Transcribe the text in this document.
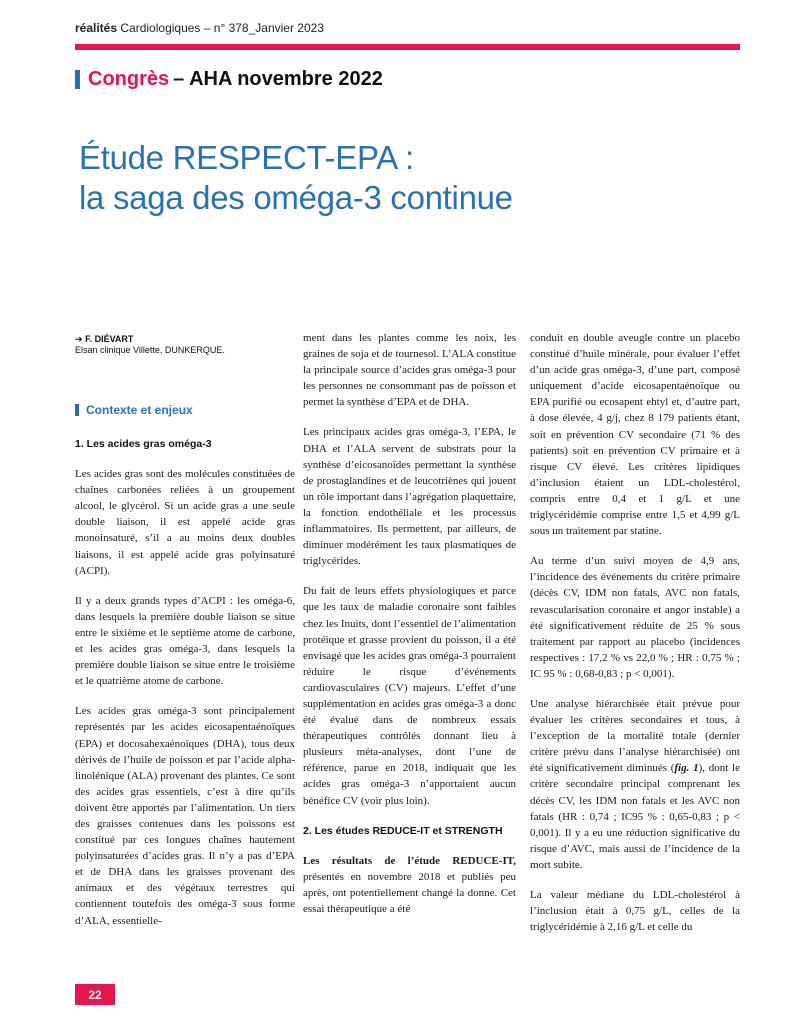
réalités Cardiologiques – n° 378_Janvier 2023
Congrès – AHA novembre 2022
Étude RESPECT-EPA :
la saga des oméga-3 continue
➔ F. DIÉVART
Elsan clinique Villette, DUNKERQUE.
Contexte et enjeux
1. Les acides gras oméga-3

Les acides gras sont des molécules constituées de chaînes carbonées reliées à un groupement alcool, le glycérol. Si un acide gras a une seule double liaison, il est appelé acide gras monoinsaturé, s’il a au moins deux doubles liaisons, il est appelé acide gras polyinsaturé (ACPI).

Il y a deux grands types d’ACPI : les oméga-6, dans lesquels la première double liaison se situe entre le sixième et le septième atome de carbone, et les acides gras oméga-3, dans lesquels la première double liaison se situe entre le troisième et le quatrième atome de carbone.

Les acides gras oméga-3 sont principalement représentés par les acides eicosapentaénoïques (EPA) et docosahexaénoïques (DHA), tous deux dérivés de l’huile de poisson et par l’acide alpha-linolénique (ALA) provenant des plantes. Ce sont des acides gras essentiels, c’est à dire qu’ils doivent être apportés par l’alimentation. Un tiers des graisses contenues dans les poissons est constitué par ces longues chaînes hautement polyinsaturées d’acides gras. Il n’y a pas d’EPA et de DHA dans les graisses provenant des animaux et des végétaux terrestres qui contiennent toutefois des oméga-3 sous forme d’ALA, essentielle-

ment dans les plantes comme les noix, les graines de soja et de tournesol. L’ALA constitue la principale source d’acides gras oméga-3 pour les personnes ne consommant pas de poisson et permet la synthèse d’EPA et de DHA.

Les principaux acides gras oméga-3, l’EPA, le DHA et l’ALA servent de substrats pour la synthèse d’eicosanoïdes permettant la synthèse de prostaglandines et de leucotriènes qui jouent un rôle important dans l’agrégation plaquettaire, la fonction endothéliale et les processus inflammatoires. Ils permettent, par ailleurs, de diminuer modérément les taux plasmatiques de triglycérides.

Du fait de leurs effets physiologiques et parce que les taux de maladie coronaire sont faibles chez les Inuits, dont l’essentiel de l’alimentation protéique et grasse provient du poisson, il a été envisagé que les acides gras oméga-3 pourraient réduire le risque d’événements cardiovasculaires (CV) majeurs. L’effet d’une supplémentation en acides gras oméga-3 a donc été évalué dans de nombreux essais thérapeutiques contrôlés donnant lieu à plusieurs méta-analyses, dont l’une de référence, parue en 2018, indiquait que les acides gras oméga-3 n’apportaient aucun bénéfice CV (voir plus loin).

2. Les études REDUCE-IT et STRENGTH

Les résultats de l’étude REDUCE-IT, présentés en novembre 2018 et publiés peu après, ont potentiellement changé la donne. Cet essai thérapeutique a été

conduit en double aveugle contre un placebo constitué d’huile minérale, pour évaluer l’effet d’un acide gras oméga-3, d’une part, composé uniquement d’acide eicosapentaénoïque ou EPA purifié ou ecosapent ehtyl et, d’autre part, à dose élevée, 4 g/j, chez 8 179 patients étant, soit en prévention CV secondaire (71 % des patients) soit en prévention CV primaire et à risque CV élevé. Les critères lipidiques d’inclusion étaient un LDL-cholestérol, compris entre 0,4 et 1 g/L et une triglycéridémie comprise entre 1,5 et 4,99 g/L sous un traitement par statine.

Au terme d’un suivi moyen de 4,9 ans, l’incidence des événements du critère primaire (décès CV, IDM non fatals, AVC non fatals, revascularisation coronaire et angor instable) a été significativement réduite de 25 % sous traitement par rapport au placebo (incidences respectives : 17,2 % vs 22,0 % ; HR : 0,75 % ; IC 95 % : 0,68-0,83 ; p < 0,001).

Une analyse hiérarchisée était prévue pour évaluer les critères secondaires et tous, à l’exception de la mortalité totale (dernier critère prévu dans l’analyse hiérarchisée) ont été significativement diminués (fig. 1), dont le critère secondaire principal comprenant les décès CV, les IDM non fatals et les AVC non fatals (HR : 0,74 ; IC95 % : 0,65-0,83 ; p < 0,001). Il y a eu une réduction significative du risque d’AVC, mais aussi de l’incidence de la mort subite.

La valeur médiane du LDL-cholestérol à l’inclusion était à 0,75 g/L, celles de la triglycéridémie à 2,16 g/L et celle du

22
